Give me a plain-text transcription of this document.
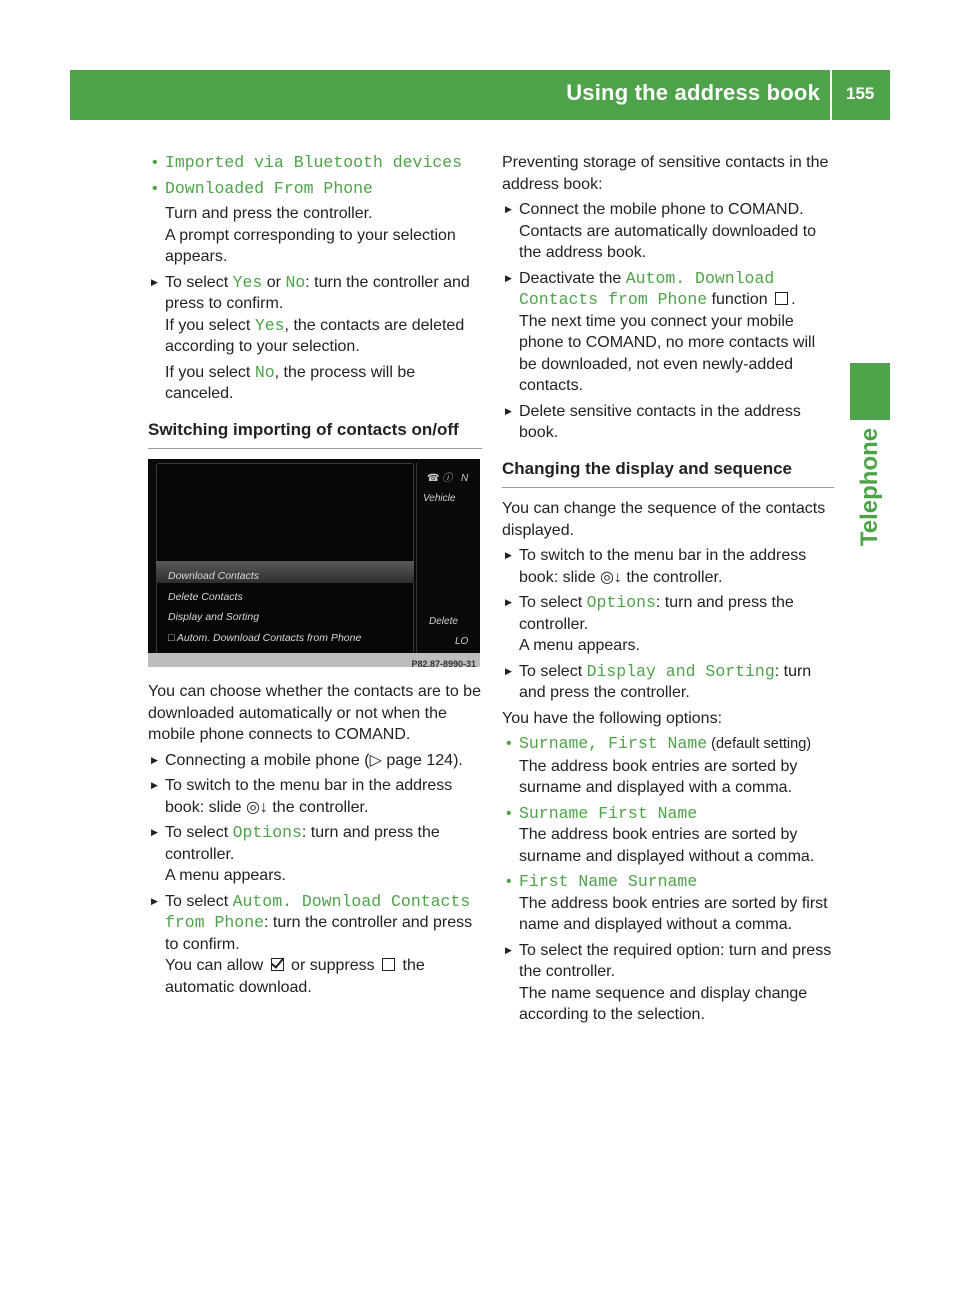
Using the address book 155
Telephone

• Imported via Bluetooth devices

• Downloaded From Phone

Turn and press the controller.
A prompt corresponding to your selection appears.

▶ To select Yes or No: turn the controller and press to confirm.
If you select Yes, the contacts are deleted according to your selection.

If you select No, the process will be canceled.

Switching importing of contacts on/off
Download Contacts
Delete Contacts
Display and Sorting
□ Autom. Download Contacts from Phone
☎ ⓘ N
Vehicle
Delete
LO
P82.87-8990-31

You can choose whether the contacts are to be downloaded automatically or not when the mobile phone connects to COMAND.

▶ Connecting a mobile phone (▷ page 124).

▶ To switch to the menu bar in the address book: slide ◎↓ the controller.

▶ To select Options: turn and press the controller.
A menu appears.

▶ To select Autom. Download Contacts from Phone: turn the controller and press to confirm.
You can allow  or suppress  the automatic download.

Preventing storage of sensitive contacts in the address book:

▶ Connect the mobile phone to COMAND.
Contacts are automatically downloaded to the address book.

▶ Deactivate the Autom. Download Contacts from Phone function .
The next time you connect your mobile phone to COMAND, no more contacts will be downloaded, not even newly-added contacts.

▶ Delete sensitive contacts in the address book.

Changing the display and sequence

You can change the sequence of the contacts displayed.

▶ To switch to the menu bar in the address book: slide ◎↓ the controller.

▶ To select Options: turn and press the controller.
A menu appears.

▶ To select Display and Sorting: turn and press the controller.

You have the following options:

• Surname, First Name (default setting)
The address book entries are sorted by surname and displayed with a comma.

• Surname First Name
The address book entries are sorted by surname and displayed without a comma.

• First Name Surname
The address book entries are sorted by first name and displayed without a comma.

▶ To select the required option: turn and press the controller.
The name sequence and display change according to the selection.
